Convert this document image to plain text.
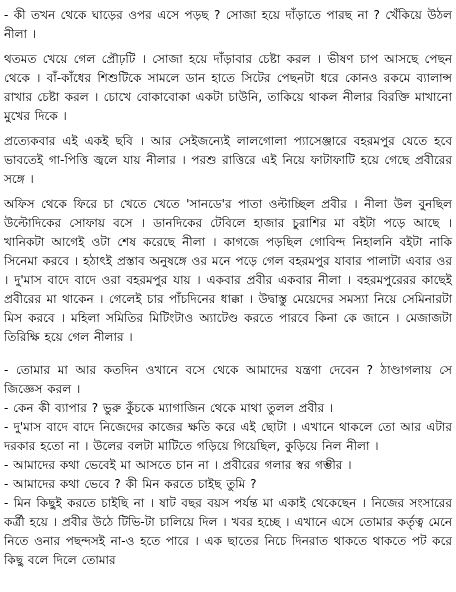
- কী তখন থেকে ঘাড়ের ওপর এসে পড়ছ ? সোজা হয়ে দাঁড়াতে পারছ না ? খেঁকিয়ে উঠল নীলা ।

থতমত খেয়ে গেল প্রৌঢ়টি । সোজা হয়ে দাঁড়াবার চেষ্টা করল । ভীষণ চাপ আসছে পেছন থেকে । বাঁ-কাঁধের শিশুটিকে সামলে ডান হাতে সিটের পেছনটা ধরে কোনও রকমে ব্যালান্স রাখার চেষ্টা করল । চোখে বোকাবোকা একটা চাউনি, তাকিয়ে থাকল নীলার বিরক্তি মাখানো মুখের দিকে ।

প্রত্যেকবার এই একই ছবি । আর সেইজন্যেই লালগোলা প্যাসেঞ্জারে বহরমপুর যেতে হবে ভাবতেই গা-পিত্তি জ্বলে যায় নীলার । পরশু রাত্তিরে এই নিয়ে ফাটাফাটি হয়ে গেছে প্রবীরের সঙ্গে ।

অফিস থেকে ফিরে চা খেতে খেতে 'সানডে'র পাতা ওল্টাচ্ছিল প্রবীর । নীলা উল বুনছিল উল্টোদিকের সোফায় বসে । ডানদিকের টেবিলে হাজার চুরাশির মা বইটা পড়ে আছে । খানিকটা আগেই ওটা শেষ করেছে নীলা । কাগজে পড়ছিল গোবিন্দ নিহালনি বইটা নাকি সিনেমা করবে । হঠাৎই প্রস্তাব অনুষঙ্গে ওর মনে পড়ে গেল বহরমপুর যাবার পালাটা এবার ওর । দু'মাস বাদে বাদে ওরা বহরমপুর যায় । একবার প্রবীর একবার নীলা । বহরমপুরেরর কাছেই প্রবীরের মা থাকেন । গেলেই চার পাঁচদিনের ধাক্কা । উদ্বাস্তু মেয়েদের সমস্যা নিয়ে সেমিনারটা মিস করবে । মহিলা সমিতির মিটিংটাও অ্যাটেণ্ড করতে পারবে কিনা কে জানে । মেজাজটা তিরিক্ষি হয়ে গেল নীলার ।

- তোমার মা আর কতদিন ওখানে বসে থেকে আমাদের যন্ত্রণা দেবেন ? ঠাণ্ডাগলায় সে জিজ্ঞেস করল ।

- কেন কী ব্যাপার ? ভুরু কুঁচকে ম্যাগাজিন থেকে মাথা তুলল প্রবীর ।

- দু'মাস বাদে বাদে নিজেদের কাজের ক্ষতি করে এই ছোটা । এখানে থাকলে তো আর এটার দরকার হতো না । উলের বলটা মাটিতে গড়িয়ে গিয়েছিল, কুড়িয়ে নিল নীলা ।

- আমাদের কথা ভেবেই মা আসতে চান না । প্রবীরের গলার স্বর গম্ভীর ।

- আমাদের কথা ভেবে ? কী মিন করতে চাইছ তুমি ?

- মিন কিছুই করতে চাইছি না । ষাট বছর বয়স পর্যন্ত মা একাই থেকেছেন । নিজের সংসারের কর্ত্রী হয়ে । প্রবীর উঠে টিভি-টা চালিয়ে দিল । খবর হচ্ছে । এখানে এসে তোমার কর্তৃত্ব মেনে নিতে ওনার পছন্দসই না-ও হতে পারে । এক ছাতের নিচে দিনরাত থাকতে থাকতে পট করে কিছু বলে দিলে তোমার
